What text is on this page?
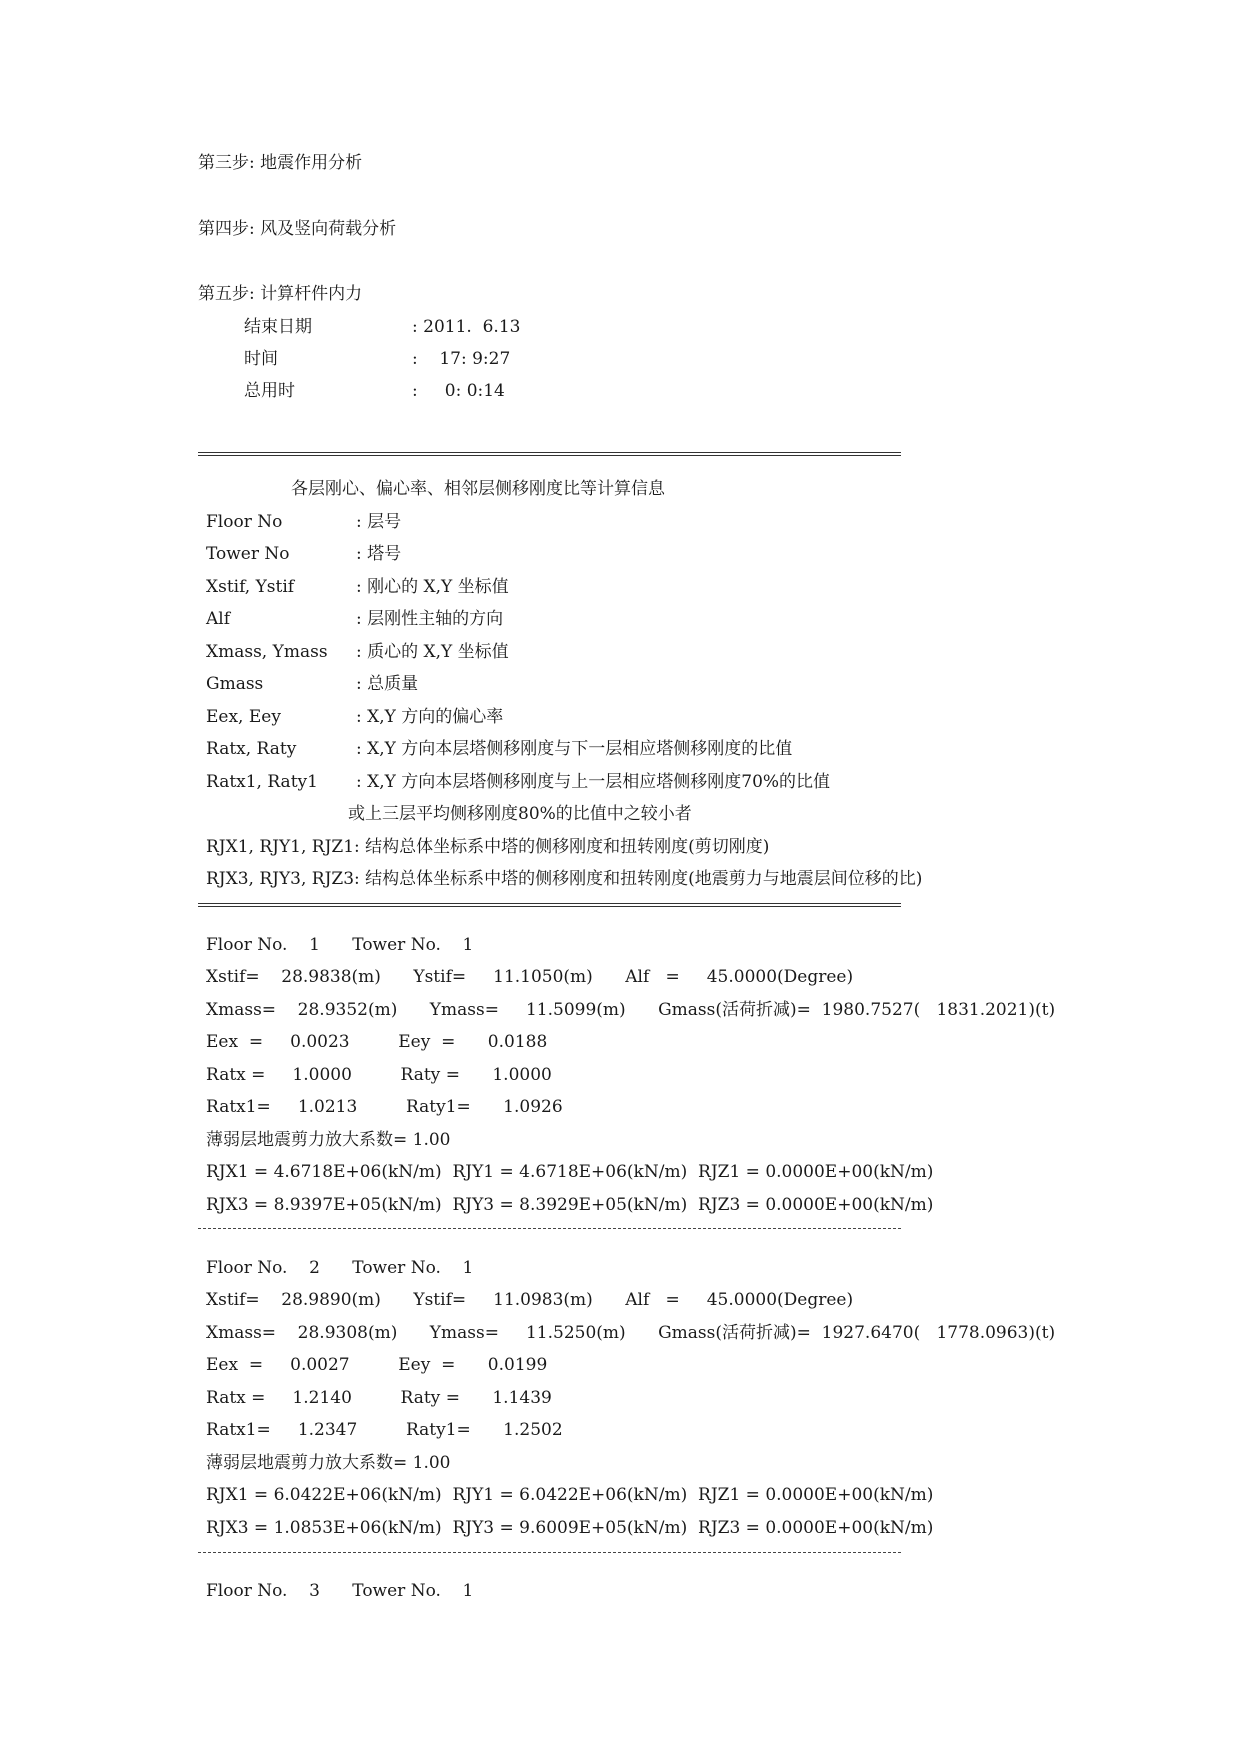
第三步: 地震作用分析
第四步: 风及竖向荷载分析
第五步: 计算杆件内力
结束日期	: 2011.  6.13
时间	:    17: 9:27
总用时	:     0: 0:14
各层刚心、偏心率、相邻层侧移刚度比等计算信息
Floor No	: 层号
Tower No	: 塔号
Xstif, Ystif	: 刚心的 X,Y 坐标值
Alf	: 层刚性主轴的方向
Xmass, Ymass : 质心的 X,Y 坐标值
Gmass	: 总质量
Eex, Eey	: X,Y 方向的偏心率
Ratx, Raty	: X,Y 方向本层塔侧移刚度与下一层相应塔侧移刚度的比值
Ratx1, Raty1 : X,Y 方向本层塔侧移刚度与上一层相应塔侧移刚度70%的比值
或上三层平均侧移刚度80%的比值中之较小者
RJX1, RJY1, RJZ1: 结构总体坐标系中塔的侧移刚度和扭转刚度(剪切刚度)
RJX3, RJY3, RJZ3: 结构总体坐标系中塔的侧移刚度和扭转刚度(地震剪力与地震层间位移的比)
Floor No.    1      Tower No.    1
Xstif=    28.9838(m)      Ystif=     11.1050(m)      Alf   =     45.0000(Degree)
Xmass=    28.9352(m)      Ymass=     11.5099(m)      Gmass(活荷折减)=  1980.7527(   1831.2021)(t)
Eex  =     0.0023         Eey  =      0.0188
Ratx =     1.0000         Raty =      1.0000
Ratx1=     1.0213         Raty1=      1.0926
薄弱层地震剪力放大系数= 1.00
RJX1 = 4.6718E+06(kN/m)  RJY1 = 4.6718E+06(kN/m)  RJZ1 = 0.0000E+00(kN/m)
RJX3 = 8.9397E+05(kN/m)  RJY3 = 8.3929E+05(kN/m)  RJZ3 = 0.0000E+00(kN/m)
Floor No.    2      Tower No.    1
Xstif=    28.9890(m)      Ystif=     11.0983(m)      Alf   =     45.0000(Degree)
Xmass=    28.9308(m)      Ymass=     11.5250(m)      Gmass(活荷折减)=  1927.6470(   1778.0963)(t)
Eex  =     0.0027         Eey  =      0.0199
Ratx =     1.2140         Raty =      1.1439
Ratx1=     1.2347         Raty1=      1.2502
薄弱层地震剪力放大系数= 1.00
RJX1 = 6.0422E+06(kN/m)  RJY1 = 6.0422E+06(kN/m)  RJZ1 = 0.0000E+00(kN/m)
RJX3 = 1.0853E+06(kN/m)  RJY3 = 9.6009E+05(kN/m)  RJZ3 = 0.0000E+00(kN/m)
Floor No.    3      Tower No.    1
